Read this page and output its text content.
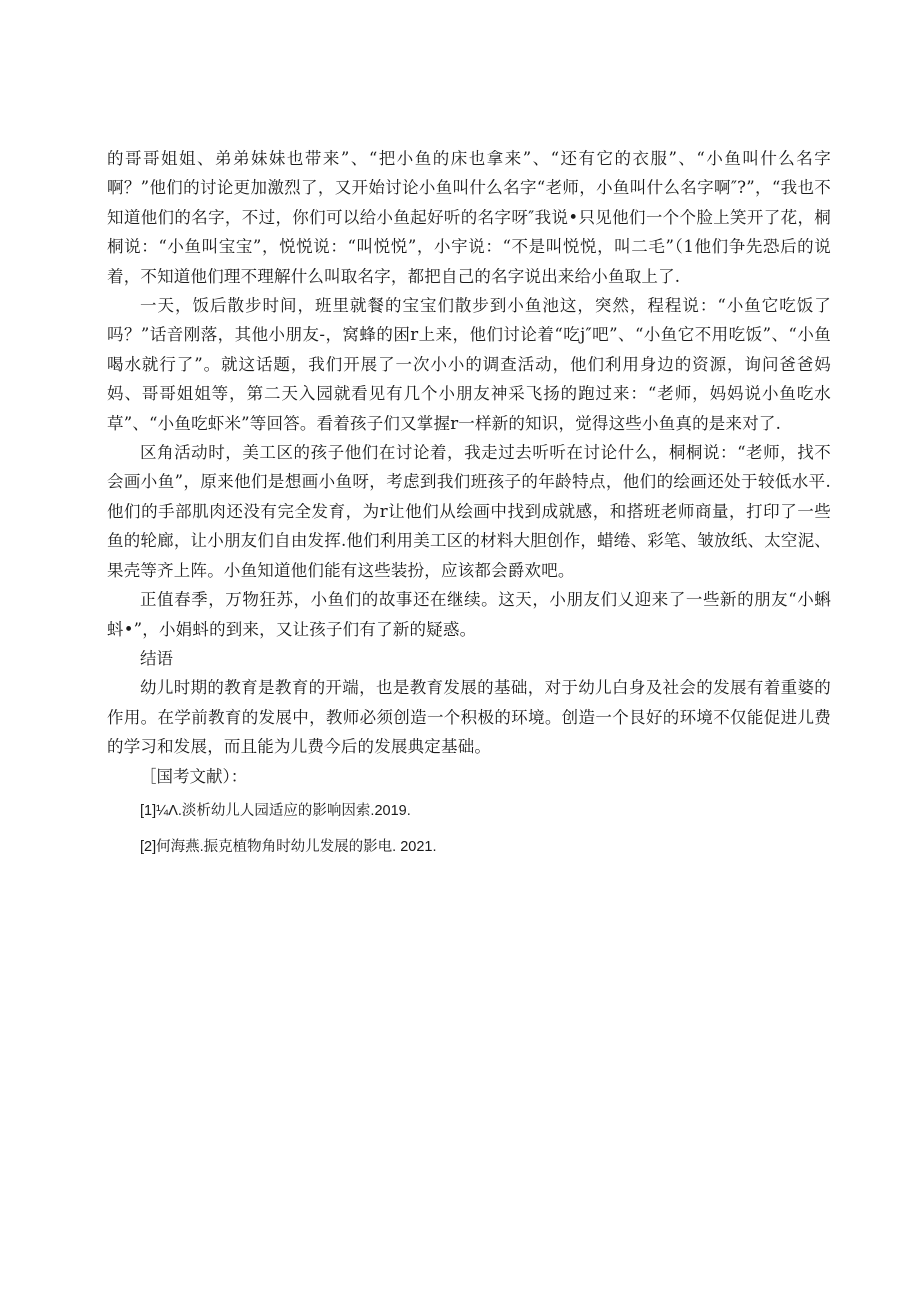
的哥哥姐姐、弟弟妹妹也带来”、“把小鱼的床也拿来”、“还有它的衣服”、“小鱼叫什么名字啊？”他们的讨论更加激烈了，又开始讨论小鱼叫什么名字“老师，小鱼叫什么名字啊″?”，“我也不知道他们的名字，不过，你们可以给小鱼起好听的名字呀″我说•只见他们一个个脸上笑开了花，桐桐说：“小鱼叫宝宝”，悦悦说：“叫悦悦”，小宇说：“不是叫悦悦，叫二毛”（1他们争先恐后的说着，不知道他们理不理解什么叫取名字，都把自己的名字说出来给小鱼取上了.

一天，饭后散步时间，班里就餐的宝宝们散步到小鱼池这，突然，程程说：“小鱼它吃饭了吗？”话音刚落，其他小朋友-，窝蜂的困r上来，他们讨论着“吃j″吧”、“小鱼它不用吃饭”、“小鱼喝水就行了”。就这话题，我们开展了一次小小的调查活动，他们利用身边的资源，询问爸爸妈妈、哥哥姐姐等，第二天入园就看见有几个小朋友神采飞扬的跑过来：“老师，妈妈说小鱼吃水草”、“小鱼吃虾米”等回答。看着孩子们又掌握r一样新的知识，觉得这些小鱼真的是来对了.

区角活动时，美工区的孩子他们在讨论着，我走过去听听在讨论什么，桐桐说：“老师，找不会画小鱼”，原来他们是想画小鱼呀，考虑到我们班孩子的年龄特点，他们的绘画还处于较低水平.他们的手部肌肉还没有完全发育，为r让他们从绘画中找到成就感，和搭班老师商量，打印了一些鱼的轮廊，让小朋友们自由发挥.他们利用美工区的材料大胆创作，蜡绻、彩笔、皱放纸、太空泥、果壳等齐上阵。小鱼知道他们能有这些装扮，应该都会爵欢吧。

正值春季，万物狂苏，小鱼们的故事还在继续。这天，小朋友们乂迎来了一些新的朋友“小蝌蚪•”，小娟蚪的到来，又让孩子们有了新的疑惑。

结语

幼儿时期的教育是教育的开端，也是教育发展的基础，对于幼儿白身及社会的发展有着重婆的作用。在学前教育的发展中，教师必须创造一个积极的环境。创造一个艮好的环境不仅能促进儿费的学习和发展，而且能为儿费今后的发展典定基础。

［国考文献）：

[1]¼Λ.淡析幼儿人园适应的影响因索.2019.

[2]何海燕.振克植物角时幼儿发展的影电. 2021.
